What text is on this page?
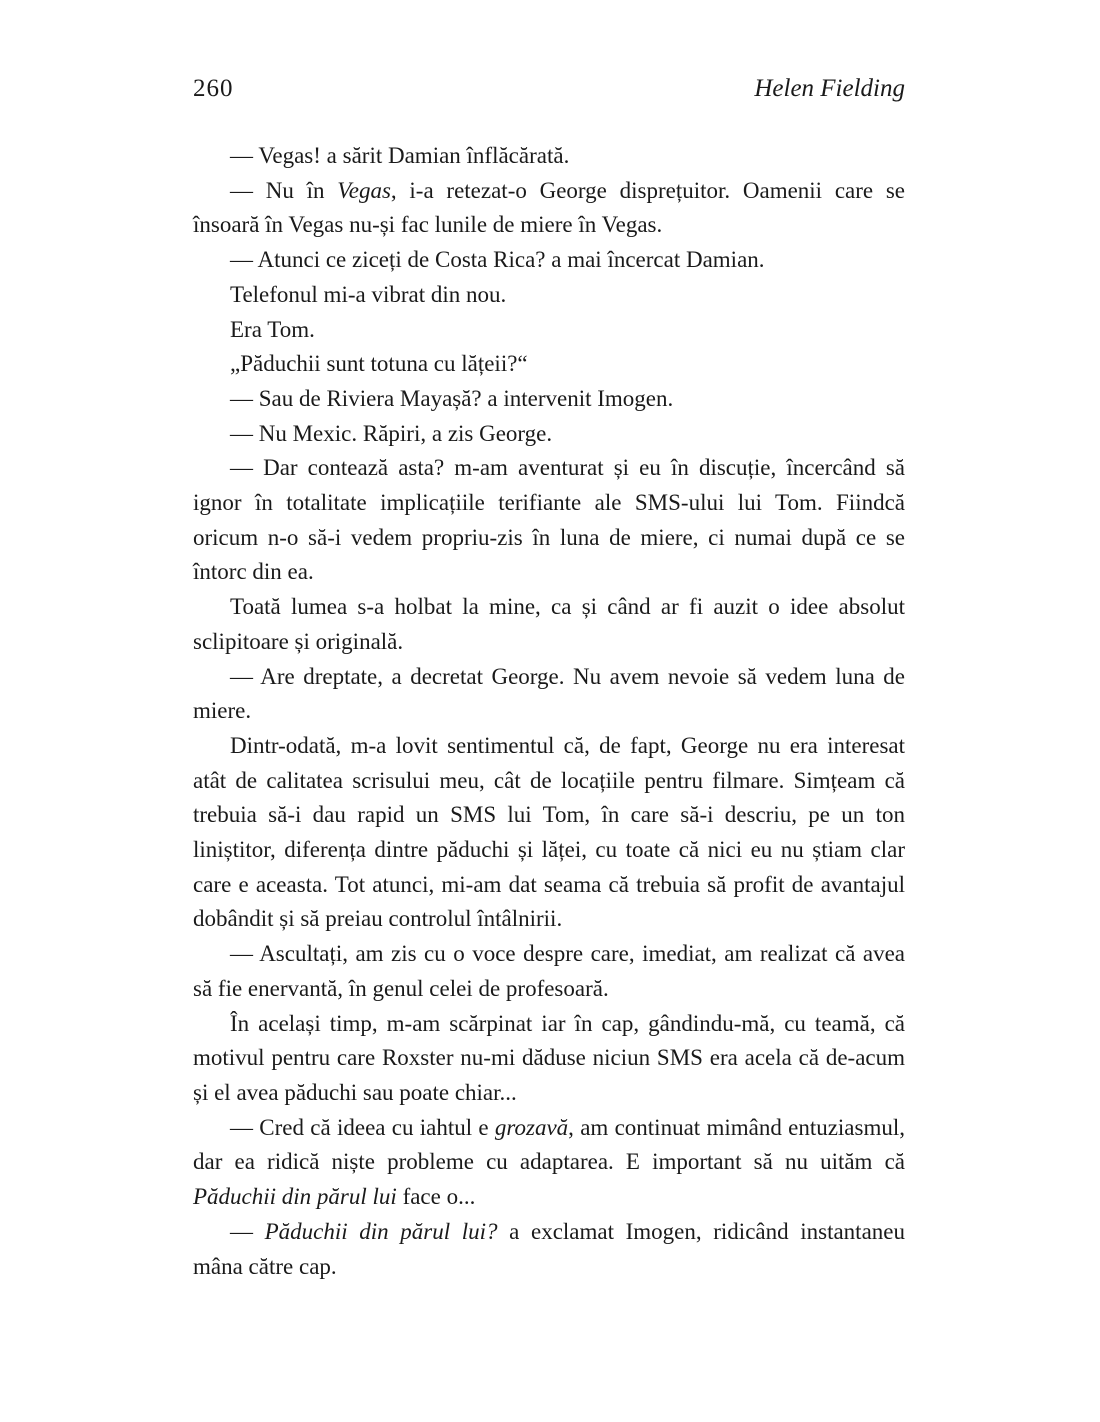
260	Helen Fielding

— Vegas! a sărit Damian înflăcărată.

— Nu în Vegas, i-a retezat-o George disprețuitor. Oamenii care se însoară în Vegas nu-și fac lunile de miere în Vegas.

— Atunci ce ziceți de Costa Rica? a mai încercat Damian.

Telefonul mi-a vibrat din nou.

Era Tom.

„Păduchii sunt totuna cu lățeii?“

— Sau de Riviera Mayașă? a intervenit Imogen.

— Nu Mexic. Răpiri, a zis George.

— Dar contează asta? m-am aventurat și eu în discuție, încercând să ignor în totalitate implicațiile terifiante ale SMS-ului lui Tom. Fiindcă oricum n-o să-i vedem propriu-zis în luna de miere, ci numai după ce se întorc din ea.

Toată lumea s-a holbat la mine, ca și când ar fi auzit o idee absolut sclipitoare și originală.

— Are dreptate, a decretat George. Nu avem nevoie să vedem luna de miere.

Dintr-odată, m-a lovit sentimentul că, de fapt, George nu era interesat atât de calitatea scrisului meu, cât de locațiile pentru filmare. Simțeam că trebuia să-i dau rapid un SMS lui Tom, în care să-i descriu, pe un ton liniștitor, diferența dintre păduchi și lăței, cu toate că nici eu nu știam clar care e aceasta. Tot atunci, mi-am dat seama că trebuia să profit de avantajul dobândit și să preiau controlul întâlnirii.

— Ascultați, am zis cu o voce despre care, imediat, am realizat că avea să fie enervantă, în genul celei de profesoară.

În același timp, m-am scărpinat iar în cap, gândindu-mă, cu teamă, că motivul pentru care Roxster nu-mi dăduse niciun SMS era acela că de-acum și el avea păduchi sau poate chiar...

— Cred că ideea cu iahtul e grozavă, am continuat mimând entuziasmul, dar ea ridică niște probleme cu adaptarea. E important să nu uităm că Păduchii din părul lui face o...

— Păduchii din părul lui? a exclamat Imogen, ridicând instantaneu mâna către cap.
